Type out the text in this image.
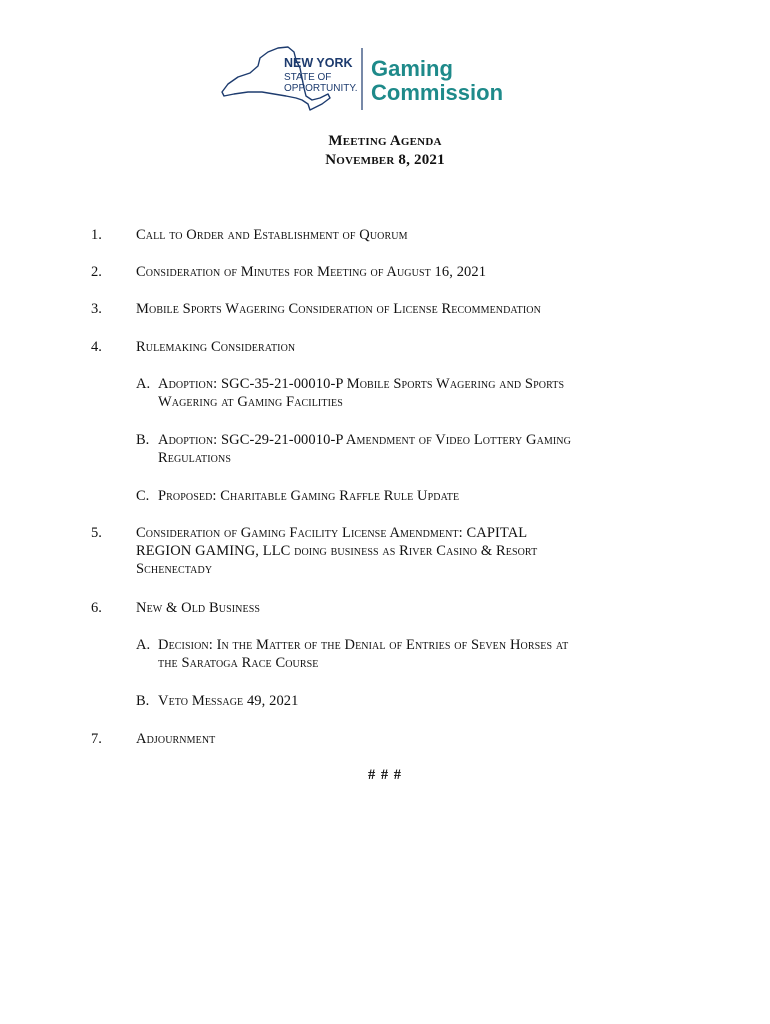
NEW YORK
STATE OF
OPPORTUNITY.
Gaming
Commission
Meeting Agenda
November 8, 2021
1. Call to Order and Establishment of Quorum
2. Consideration of Minutes for Meeting of August 16, 2021
3. Mobile Sports Wagering Consideration of License Recommendation
4. Rulemaking Consideration
A. Adoption: SGC-35-21-00010-P Mobile Sports Wagering and Sports
Wagering at Gaming Facilities
B. Adoption: SGC-29-21-00010-P Amendment of Video Lottery Gaming
Regulations
C. Proposed: Charitable Gaming Raffle Rule Update
5. Consideration of Gaming Facility License Amendment: CAPITAL
REGION GAMING, LLC doing business as River Casino & Resort
Schenectady
6. New & Old Business
A. Decision: In the Matter of the Denial of Entries of Seven Horses at
the Saratoga Race Course
B. Veto Message 49, 2021
7. Adjournment
# # #
